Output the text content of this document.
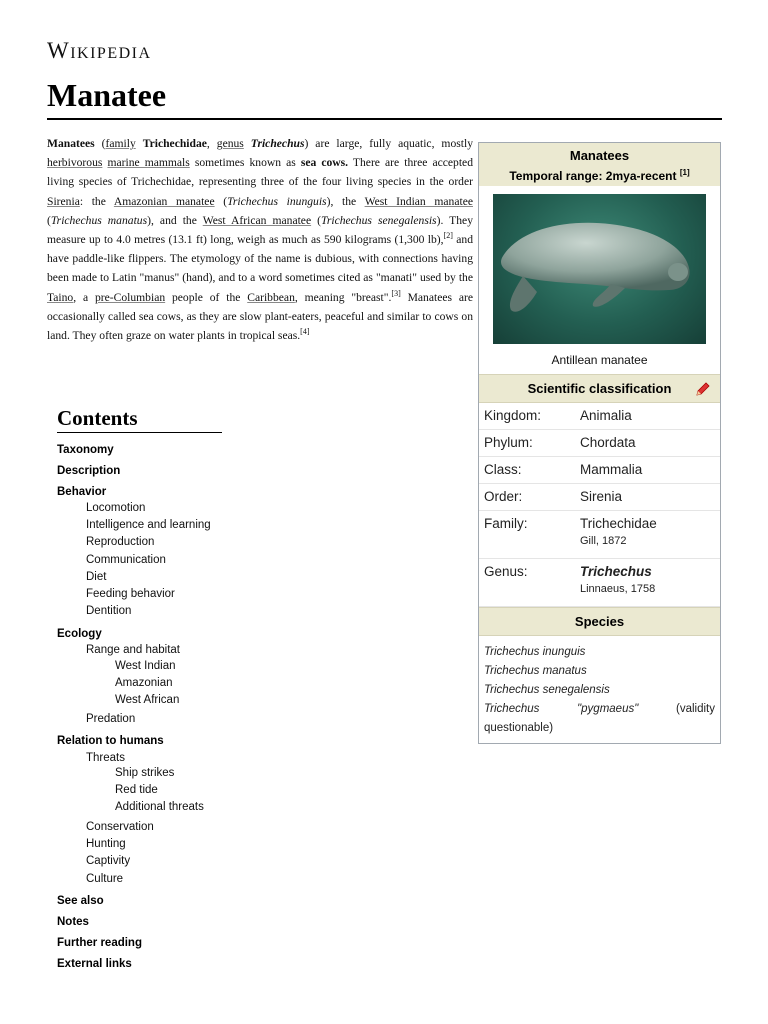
Wikipedia
Manatee
Manatees (family Trichechidae, genus Trichechus) are large, fully aquatic, mostly herbivorous marine mammals sometimes known as sea cows. There are three accepted living species of Trichechidae, representing three of the four living species in the order Sirenia: the Amazonian manatee (Trichechus inunguis), the West Indian manatee (Trichechus manatus), and the West African manatee (Trichechus senegalensis). They measure up to 4.0 metres (13.1 ft) long, weigh as much as 590 kilograms (1,300 lb),[2] and have paddle-like flippers. The etymology of the name is dubious, with connections having been made to Latin "manus" (hand), and to a word sometimes cited as "manati" used by the Taino, a pre-Columbian people of the Caribbean, meaning "breast".[3] Manatees are occasionally called sea cows, as they are slow plant-eaters, peaceful and similar to cows on land. They often graze on water plants in tropical seas.[4]
Manatees
Temporal range: 2mya-recent [1]
Antillean manatee
Scientific classification
Kingdom:	Animalia
Phylum:	Chordata
Class:	Mammalia
Order:	Sirenia
Family:	Trichechidae
Gill, 1872
Genus:	Trichechus
Linnaeus, 1758
Species
Trichechus inunguis
Trichechus manatus
Trichechus senegalensis
Trichechus	"pygmaeus"	(validity
questionable)
Contents
Taxonomy
Description
Behavior
Locomotion
Intelligence and learning
Reproduction
Communication
Diet
Feeding behavior
Dentition
Ecology
Range and habitat
West Indian
Amazonian
West African
Predation
Relation to humans
Threats
Ship strikes
Red tide
Additional threats
Conservation
Hunting
Captivity
Culture
See also
Notes
Further reading
External links
